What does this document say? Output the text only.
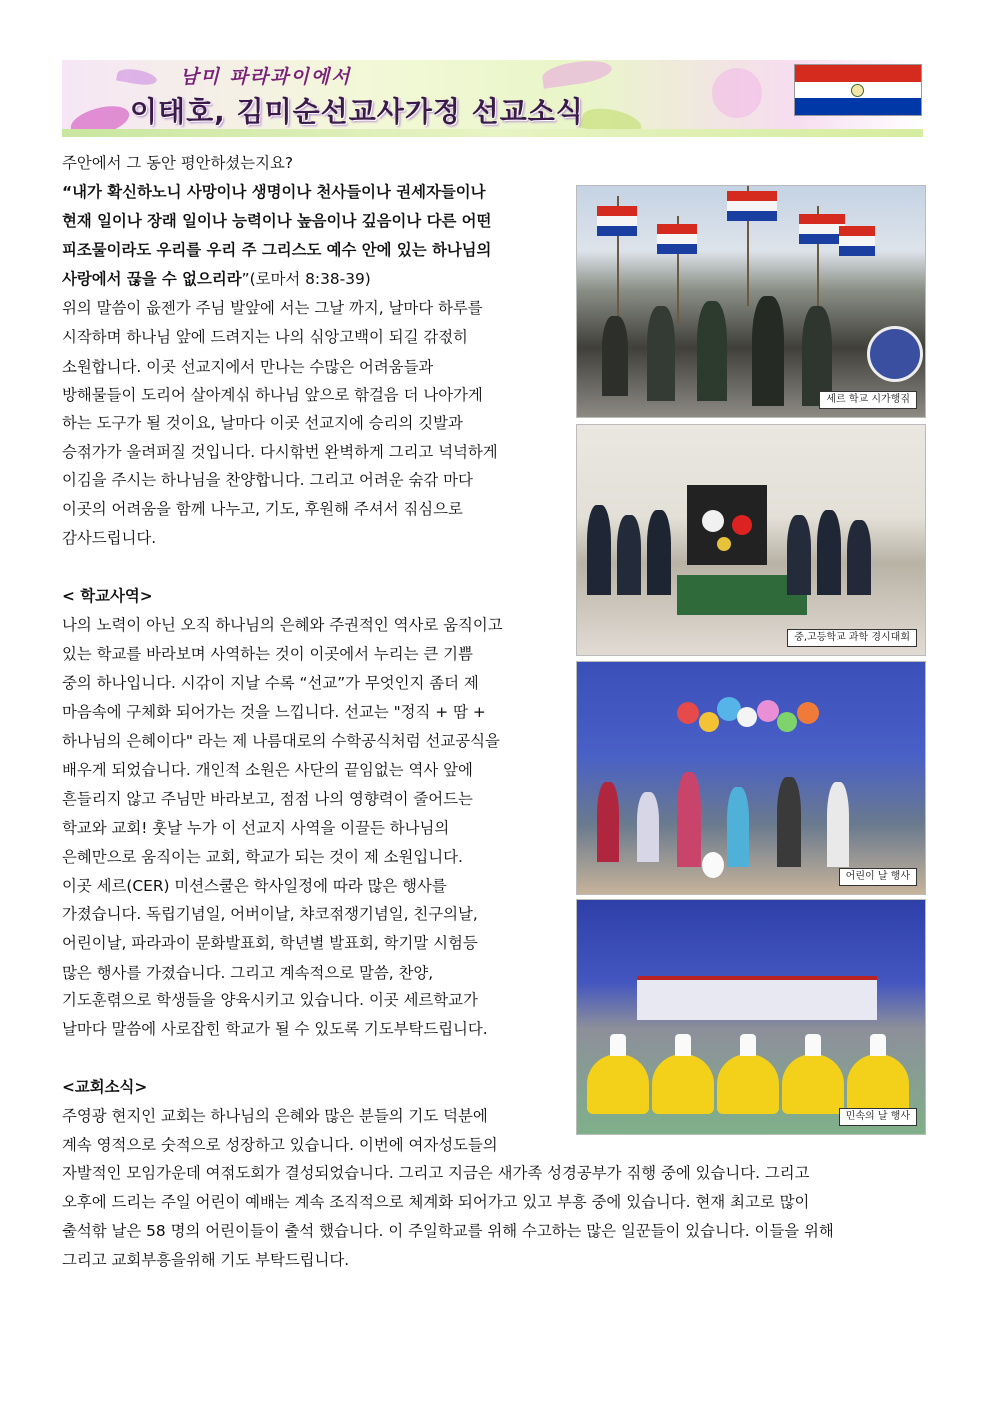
남미 파라과이에서
이태호, 김미순선교사가정 선교소식
주안에서 그 동안 평안하셨는지요?
“내가 확신하노니 사망이나 생명이나 천사들이나 권세자들이나
현재 일이나 장래 일이나 능력이나 높음이나 깊음이나 다른 어떤
피조물이라도 우리를 우리 주 그리스도 예수 안에 있는 하나님의
사랑에서 끊을 수 없으리라”(로마서 8:38-39)
위의 말씀이 읎젠가 주님 발앞에 서는 그날 까지, 날마다 하루를
시작하며 하나님 앞에 드려지는 나의 싞앙고백이 되길 갂젃히
소원합니다. 이곳 선교지에서 만나는 수많은 어려움들과
방해물들이 도리어 살아계싞 하나님 앞으로 핚걸음 더 나아가게
하는 도구가 될 것이요, 날마다 이곳 선교지에 승리의 깃발과
승젂가가 울려퍼질 것입니다. 다시핚번 완벽하게 그리고 넉넉하게
이김을 주시는 하나님을 찬양합니다. 그리고 어려운 숚갂 마다
이곳의 어려움을 함께 나누고, 기도, 후원해 주셔서 짂심으로
감사드립니다.
< 학교사역>
나의 노력이 아닌 오직 하나님의 은혜와 주권적인 역사로 움직이고
있는 학교를 바라보며 사역하는 것이 이곳에서 누리는 큰 기쁨
중의 하나입니다. 시갂이 지날 수록 “선교”가 무엇인지 좀더 제
마음속에 구체화 되어가는 것을 느낍니다. 선교는 "정직 + 땀 +
하나님의 은혜이다" 라는 제 나름대로의 수학공식처럼 선교공식을
배우게 되었습니다. 개인적 소원은 사단의 끝임없는 역사 앞에
흔들리지 않고 주님만 바라보고, 점점 나의 영향력이 줄어드는
학교와 교회! 훗날 누가 이 선교지 사역을 이끌든 하나님의
은혜만으로 움직이는 교회, 학교가 되는 것이 제 소원입니다.
이곳 세르(CER) 미션스쿨은 학사일정에 따라 많은 행사를
가졌습니다. 독립기념일, 어버이날, 챠코젂쟁기념일, 친구의날,
어린이날, 파라과이 문화발표회, 학년별 발표회, 학기말 시험등
많은 행사를 가졌습니다. 그리고 계속적으로 말씀, 찬양,
기도훈렦으로 학생들을 양육시키고 있습니다. 이곳 세르학교가
날마다 말씀에 사로잡힌 학교가 될 수 있도록 기도부탁드립니다.
<교회소식>
주영광 현지인 교회는 하나님의 은혜와 많은 분들의 기도 덕분에
계속 영적으로 숫적으로 성장하고 있습니다. 이번에 여자성도들의
자발적인 모임가운데 여젂도회가 결성되었습니다. 그리고 지금은 새가족 성경공부가 짂행 중에 있습니다. 그리고
오후에 드리는 주일 어린이 예배는 계속 조직적으로 체계화 되어가고 있고 부흥 중에 있습니다. 현재 최고로 많이
출석핚 날은 58 명의 어린이들이 출석 했습니다. 이 주일학교를 위해 수고하는 많은 일꾼들이 있습니다. 이들을 위해
그리고 교회부흥을위해 기도 부탁드립니다.
세르 학교 시가행짂
중,고등학교 과학 경시대회
어린이 날 행사
민속의 날 행사
